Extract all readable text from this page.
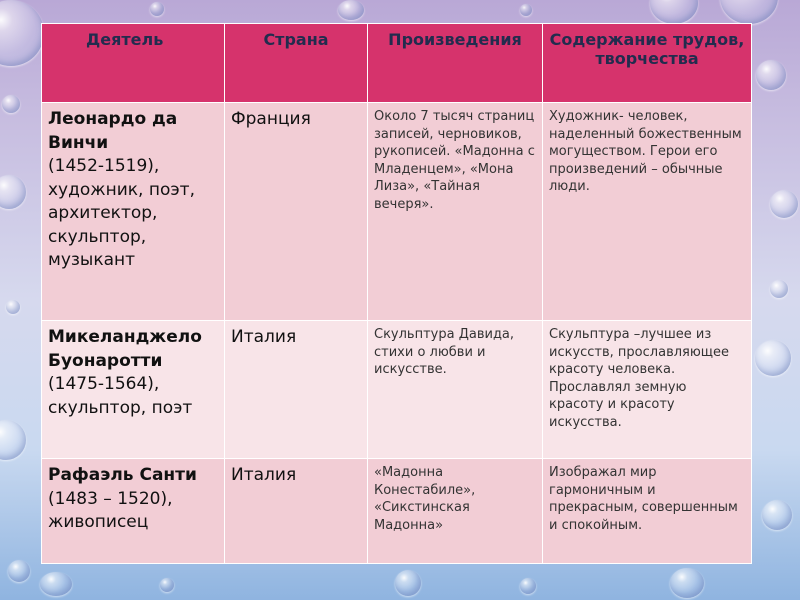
Деятель	Страна	Произведения	Содержание трудов, творчества

Леонардо да Винчи
(1452-1519), художник, поэт, архитектор, скульптор, музыкант	Франция	Около 7 тысяч страниц записей, черновиков, рукописей. «Мадонна с Младенцем», «Мона Лиза», «Тайная вечеря».	Художник- человек, наделенный божественным могуществом. Герои его произведений – обычные люди.

Микеланджело Буонаротти
(1475-1564), скульптор, поэт	Италия	Скульптура Давида, стихи о любви и искусстве.	Скульптура –лучшее из искусств, прославляющее красоту человека. Прославлял земную красоту и красоту искусства.

Рафаэль Санти
(1483 – 1520), живописец	Италия	«Мадонна Конестабиле», «Сикстинская Мадонна»	Изображал мир гармоничным и прекрасным, совершенным и спокойным.
